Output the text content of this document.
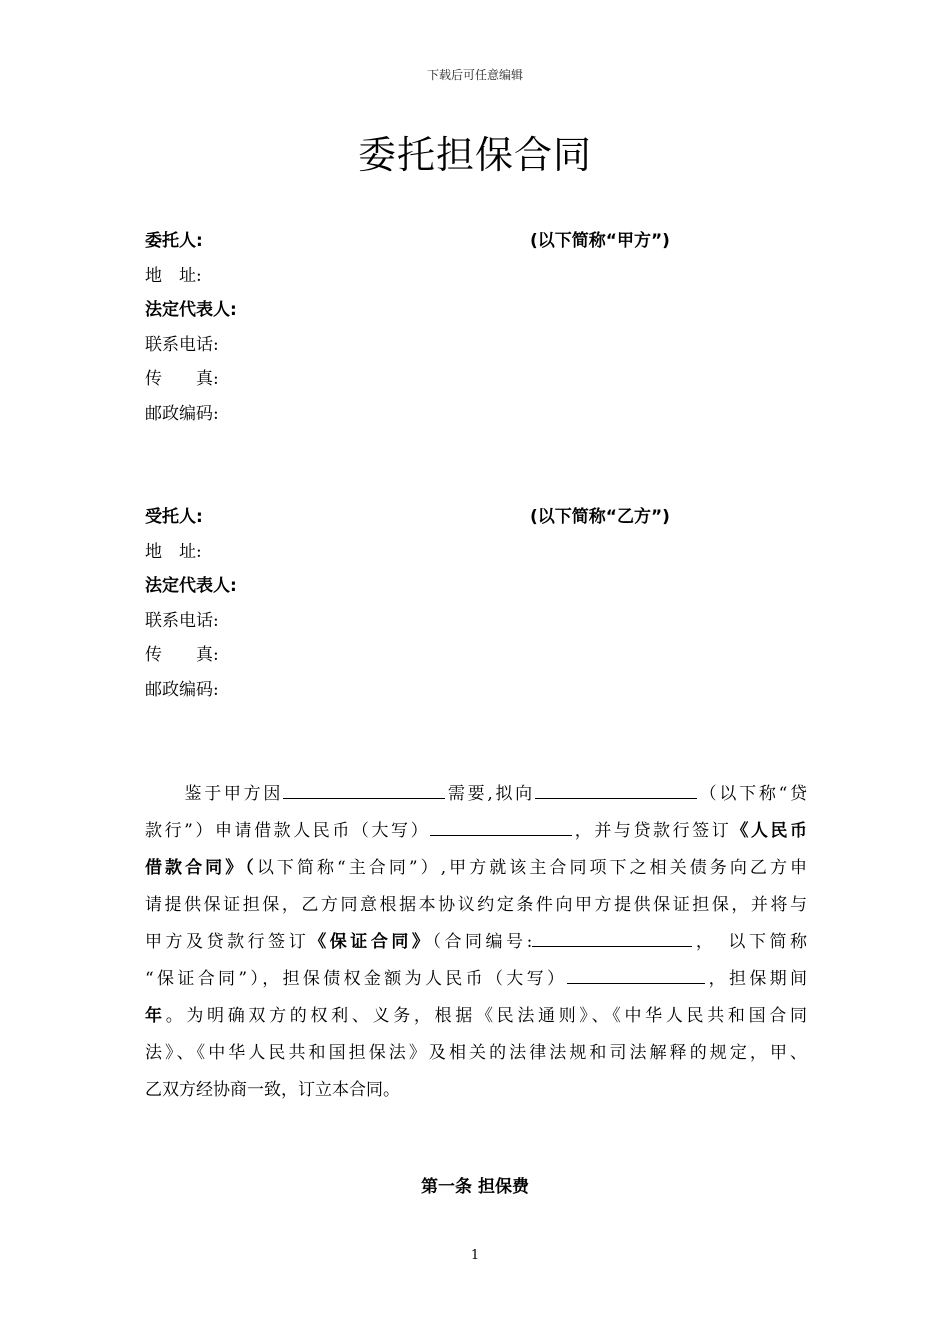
下载后可任意编辑
委托担保合同
委托人:	(以下简称“甲方”)
地　址:
法定代表人:
联系电话:
传　　真:
邮政编码:
受托人:	(以下简称“乙方”)
地　址:
法定代表人:
联系电话:
传　　真:
邮政编码:
　　鉴于甲方因	需要,拟向	（以下称“贷
款行”）申请借款人民币（大写）	，并与贷款行签订《人民币
借款合同》（以下简称“主合同”）,甲方就该主合同项下之相关债务向乙方申
请提供保证担保，乙方同意根据本协议约定条件向甲方提供保证担保，并将与
甲方及贷款行签订《保证合同》（合同编号:	，　以下简称
“保证合同”），担保债权金额为人民币（大写）	，担保期间
年。为明确双方的权利、义务，根据《民法通则》、《中华人民共和国合同
法》、《中华人民共和国担保法》及相关的法律法规和司法解释的规定，甲、
乙双方经协商一致，订立本合同。
第一条 担保费
1
